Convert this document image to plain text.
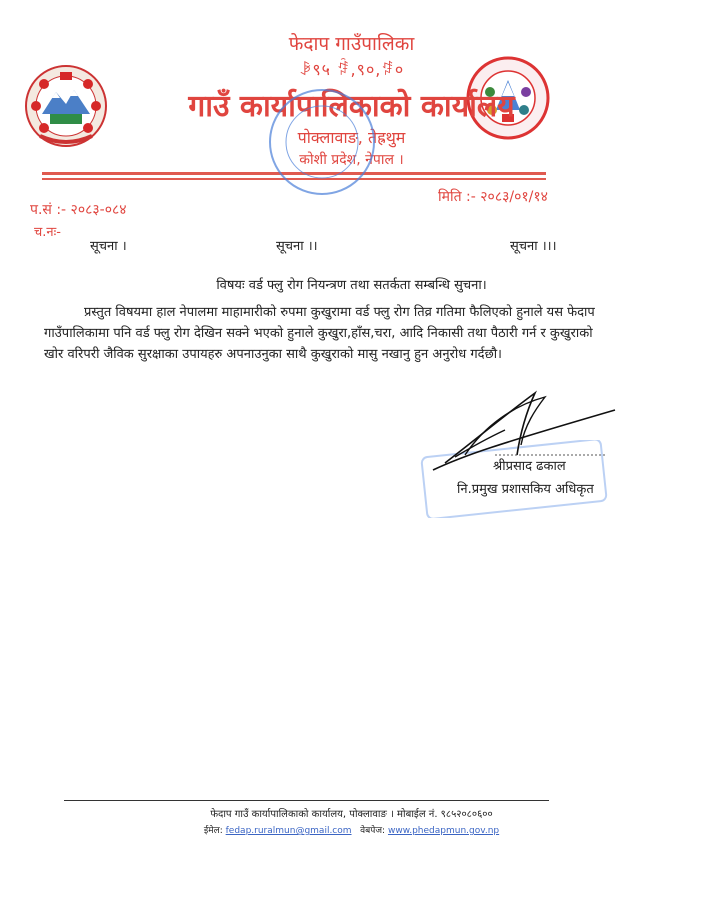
फेदाप गाउँपालिका
ꆃ९५ ꆄ,९०,ꆅ०
गाउँ कार्यापालिकाको कार्यालय
पोक्लावाङ, तेह्रथुम
कोशी प्रदेश, नेपाल ।
प.सं :- २०८३-०८४
च.नः-
मिति :- २०८३/०१/१४
सूचना ।	सूचना ।।	सूचना ।।।
विषयः वर्ड फ्लु रोग नियन्त्रण तथा सतर्कता सम्बन्धि सुचना।
प्रस्तुत विषयमा हाल नेपालमा माहामारीको रुपमा कुखुरामा वर्ड फ्लु रोग तिव्र गतिमा फैलिएको हुनाले यस फेदाप गाउँपालिकामा पनि वर्ड फ्लु रोग देखिन सक्ने भएको हुनाले कुखुरा,हाँस,चरा, आदि निकासी तथा पैठारी गर्न र कुखुराको खोर वरिपरी जैविक सुरक्षाका उपायहरु अपनाउनुका साथै कुखुराको मासु नखानु हुन अनुरोध गर्दछौ।
श्रीप्रसाद ढकाल
नि.प्रमुख प्रशासकिय अधिकृत
फेदाप गाउँ कार्यापालिकाको कार्यालय, पोक्लावाङ । मोबाईल नं. ९८५२०८०६००
ईमेल: fedap.ruralmun@gmail.com वेबपेज: www.phedapmun.gov.np
